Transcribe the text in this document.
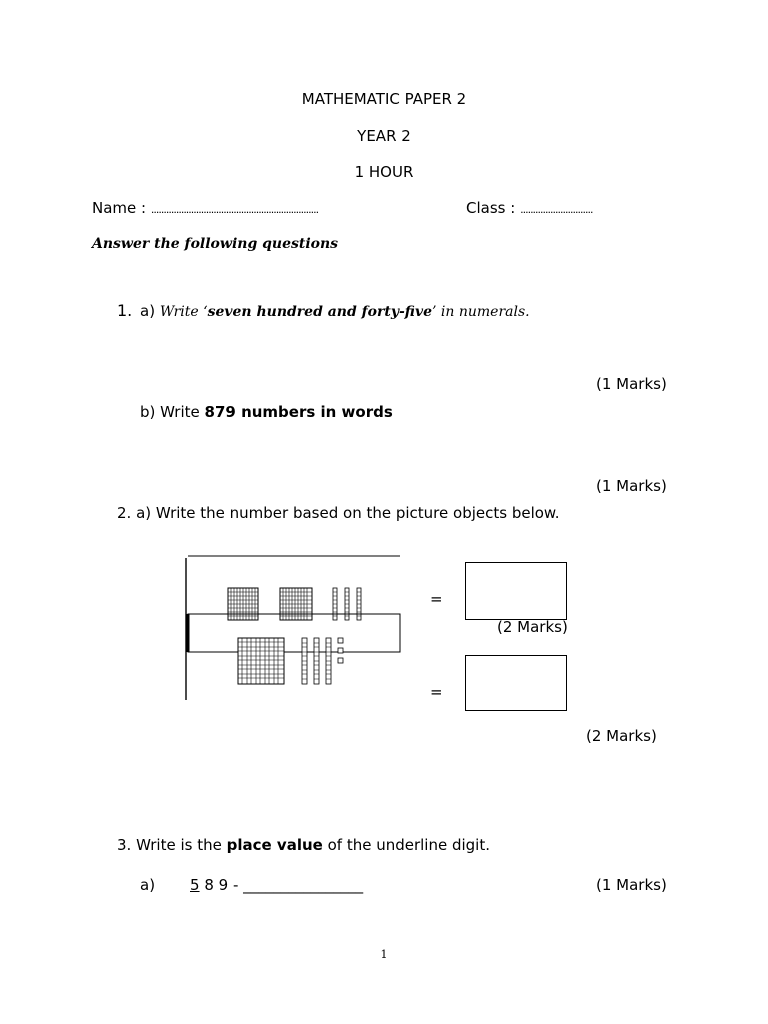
MATHEMATIC PAPER 2
YEAR 2
1 HOUR
Name : ...................................................................	Class : .............................
Answer the following questions
1. a) Write ‘seven hundred and forty-five’ in numerals.
(1 Marks)
b) Write 879 numbers in words
(1 Marks)
2. a) Write the number based on the picture objects below.
=
(2 Marks)
=
(2 Marks)
3. Write is the place value of the underline digit.
a) 5 8 9 - ________________	(1 Marks)
1
